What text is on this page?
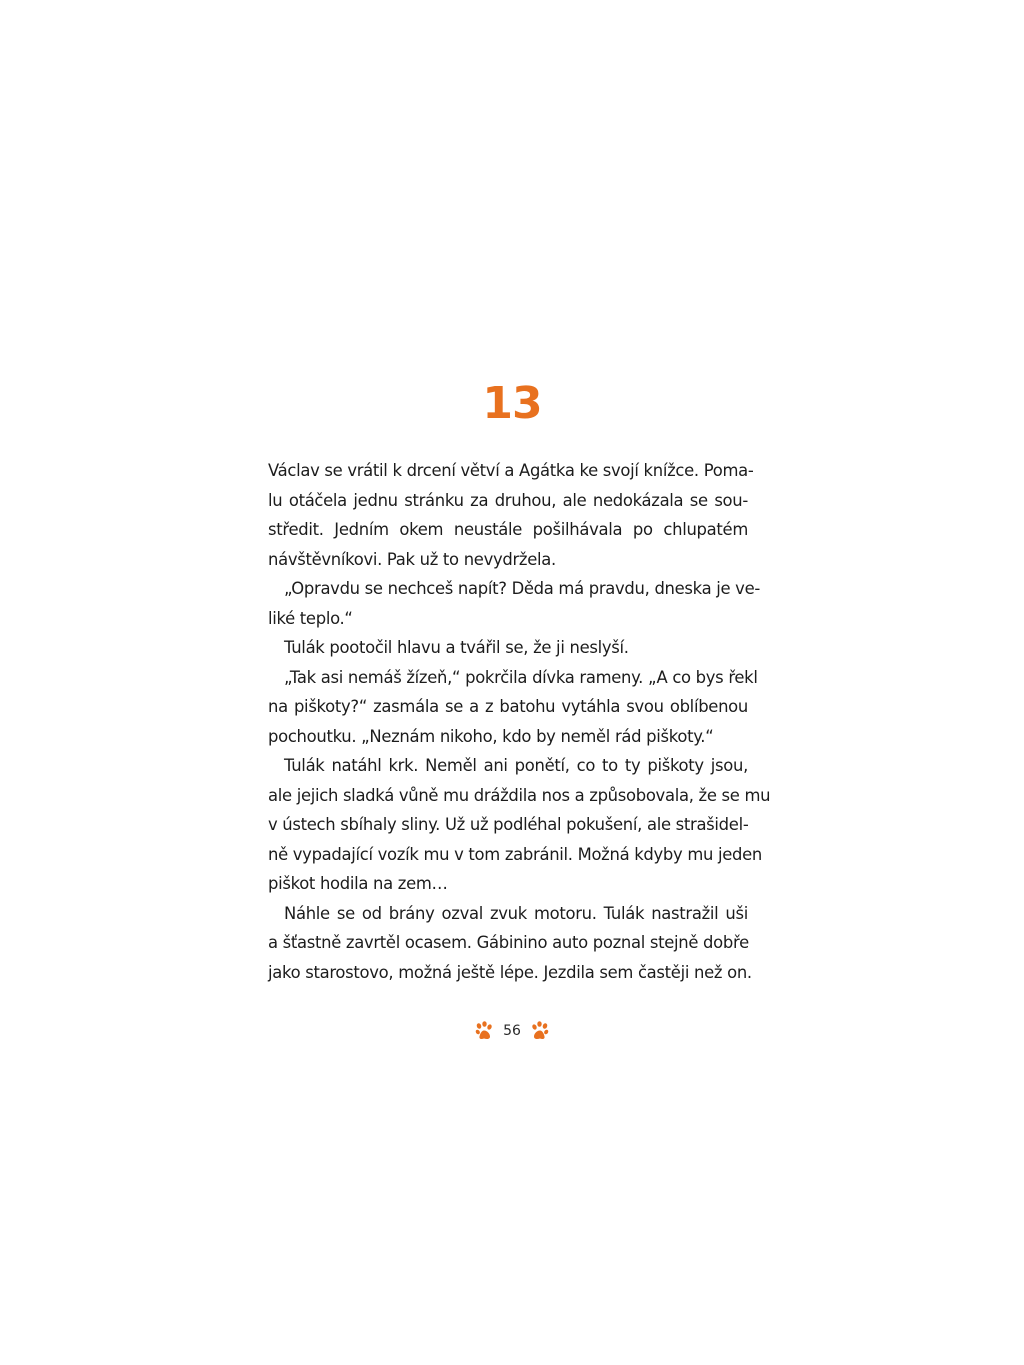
13
Václav se vrátil k drcení větví a Agátka ke svojí knížce. Poma-
lu otáčela jednu stránku za druhou, ale nedokázala se sou-
středit. Jedním okem neustále pošilhávala po chlupatém
návštěvníkovi. Pak už to nevydržela.
„Opravdu se nechceš napít? Děda má pravdu, dneska je ve-
liké teplo.“
Tulák pootočil hlavu a tvářil se, že ji neslyší.
„Tak asi nemáš žízeň,“ pokrčila dívka rameny. „A co bys řekl
na piškoty?“ zasmála se a z batohu vytáhla svou oblíbenou
pochoutku. „Neznám nikoho, kdo by neměl rád piškoty.“
Tulák natáhl krk. Neměl ani ponětí, co to ty piškoty jsou,
ale jejich sladká vůně mu dráždila nos a způsobovala, že se mu
v ústech sbíhaly sliny. Už už podléhal pokušení, ale strašidel-
ně vypadající vozík mu v tom zabránil. Možná kdyby mu jeden
piškot hodila na zem…
Náhle se od brány ozval zvuk motoru. Tulák nastražil uši
a šťastně zavrtěl ocasem. Gábinino auto poznal stejně dobře
jako starostovo, možná ještě lépe. Jezdila sem častěji než on.
56
